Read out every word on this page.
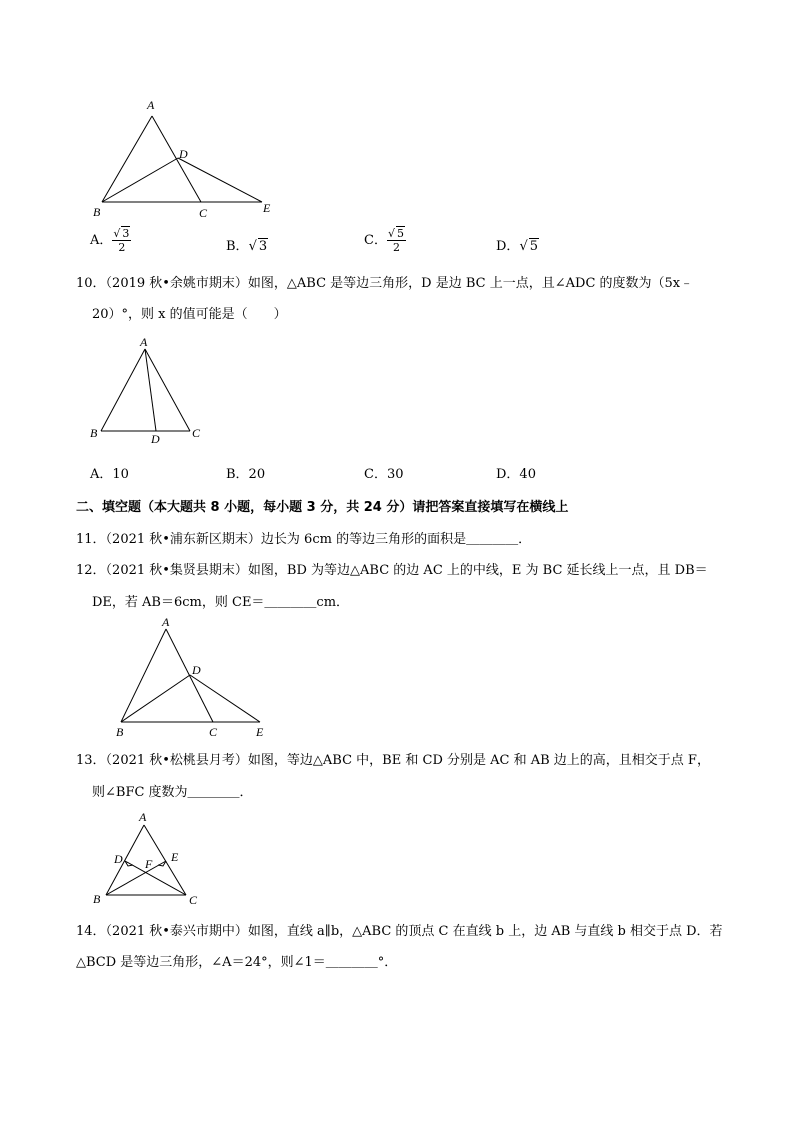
A
B	C
D
E
A． $\frac{√ 3}{2}$	B．√ 3	C． $\frac{√ 5}{2}$	D．√ 5
10．（2019 秋•余姚市期末）如图，△ABC 是等边三角形，D 是边 BC 上一点，且∠ADC 的度数为（5x﹣
20）°，则 x 的值可能是（　　）
A
B	C
D
A．10	B．20	C．30	D．40
二、填空题（本大题共 8 小题，每小题 3 分，共 24 分）请把答案直接填写在横线上
11．（2021 秋•浦东新区期末）边长为 6cm 的等边三角形的面积是＿＿＿＿．
12．（2021 秋•集贤县期末）如图，BD 为等边△ABC 的边 AC 上的中线，E 为 BC 延长线上一点，且 DB＝
DE，若 AB＝6cm，则 CE＝＿＿＿＿cm．
A
B	C
D
E
13．（2021 秋•松桃县月考）如图，等边△ABC 中，BE 和 CD 分别是 AC 和 AB 边上的高，且相交于点 F，
则∠BFC 度数为＿＿＿＿．
A
B	C
D	E
F
14．（2021 秋•泰兴市期中）如图，直线 a∥b，△ABC 的顶点 C 在直线 b 上，边 AB 与直线 b 相交于点 D．若
△BCD 是等边三角形，∠A＝24°，则∠1＝＿＿＿＿°．
